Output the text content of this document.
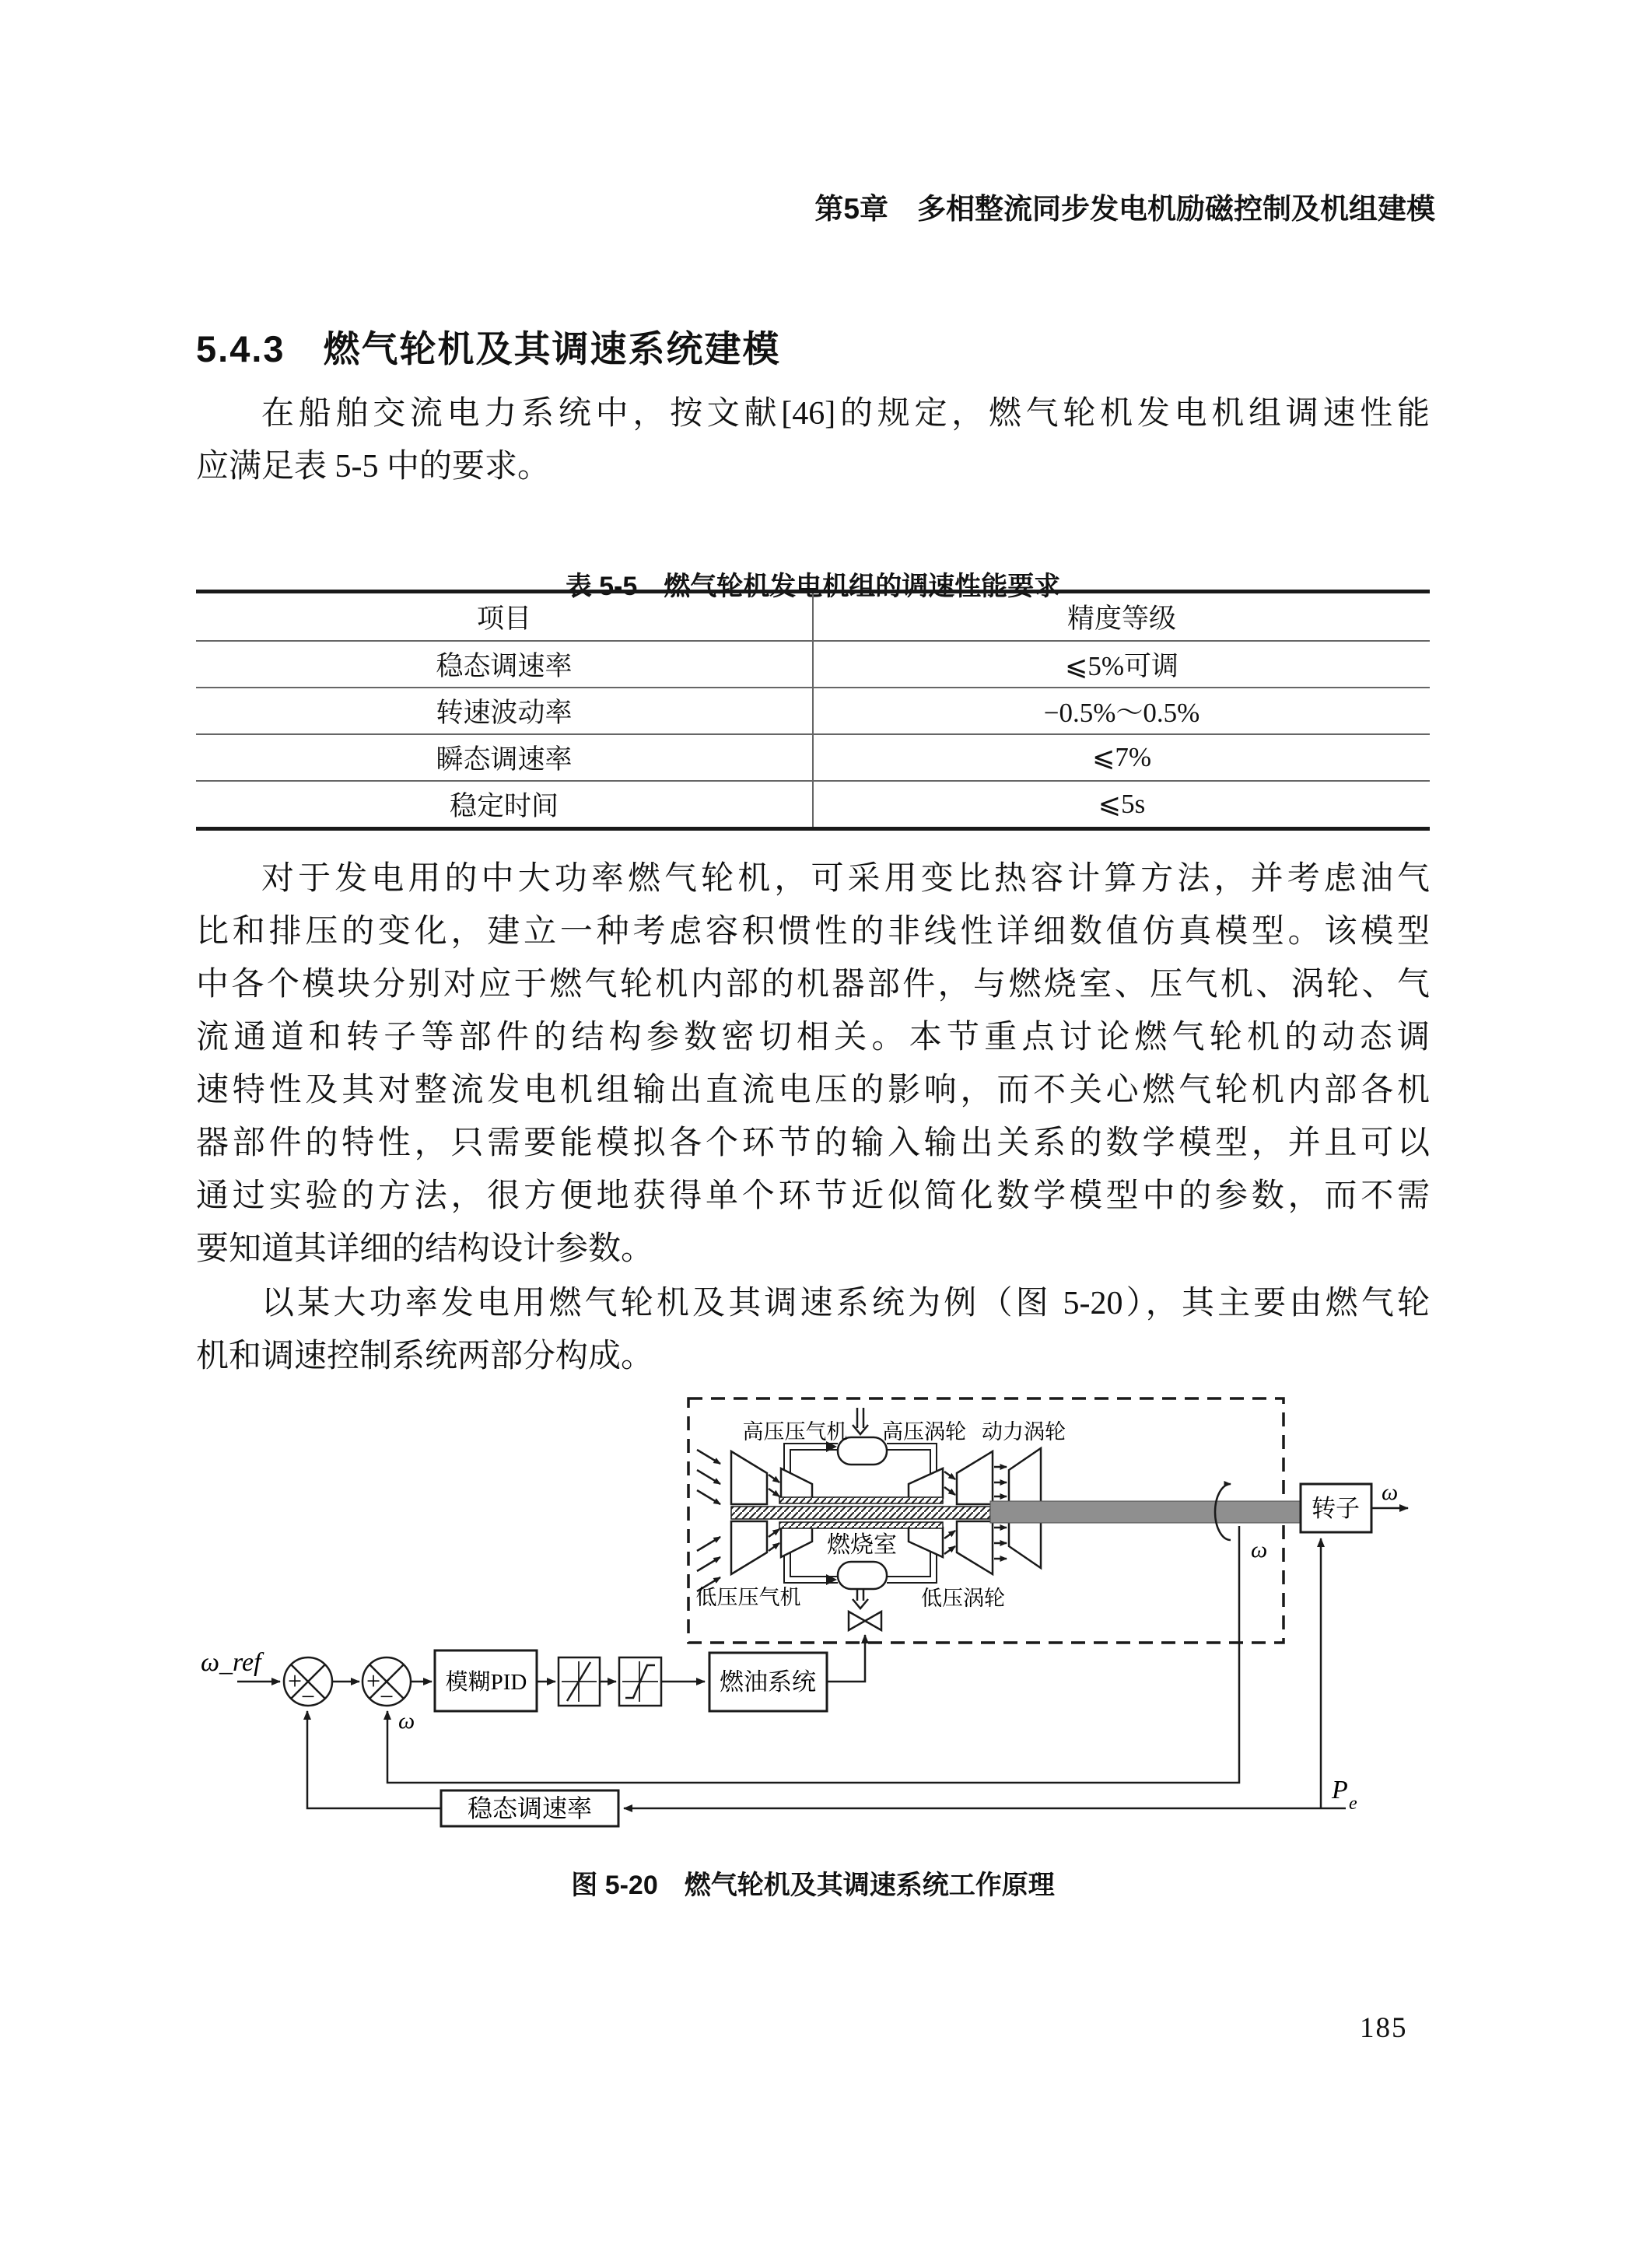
第5章　多相整流同步发电机励磁控制及机组建模
5.4.3　燃气轮机及其调速系统建模
在船舶交流电力系统中，按文献[46]的规定，燃气轮机发电机组调速性能
应满足表 5-5 中的要求。
表 5-5　燃气轮机发电机组的调速性能要求
项目	精度等级
稳态调速率	⩽5%可调
转速波动率	−0.5%～0.5%
瞬态调速率	⩽7%
稳定时间	⩽5s
对于发电用的中大功率燃气轮机，可采用变比热容计算方法，并考虑油气
比和排压的变化，建立一种考虑容积惯性的非线性详细数值仿真模型。该模型
中各个模块分别对应于燃气轮机内部的机器部件，与燃烧室、压气机、涡轮、气
流通道和转子等部件的结构参数密切相关。本节重点讨论燃气轮机的动态调
速特性及其对整流发电机组输出直流电压的影响，而不关心燃气轮机内部各机
器部件的特性，只需要能模拟各个环节的输入输出关系的数学模型，并且可以
通过实验的方法，很方便地获得单个环节近似简化数学模型中的参数，而不需
要知道其详细的结构设计参数。
以某大功率发电用燃气轮机及其调速系统为例（图 5-20），其主要由燃气轮
机和调速控制系统两部分构成。
高压压气机 高压涡轮 动力涡轮
低压压气机	低压涡轮
燃烧室
转子
模糊PID	燃油系统
稳态调速率
ω_ref
ω
ω
ω
P e
+
−
+
−
图 5-20　燃气轮机及其调速系统工作原理
185
